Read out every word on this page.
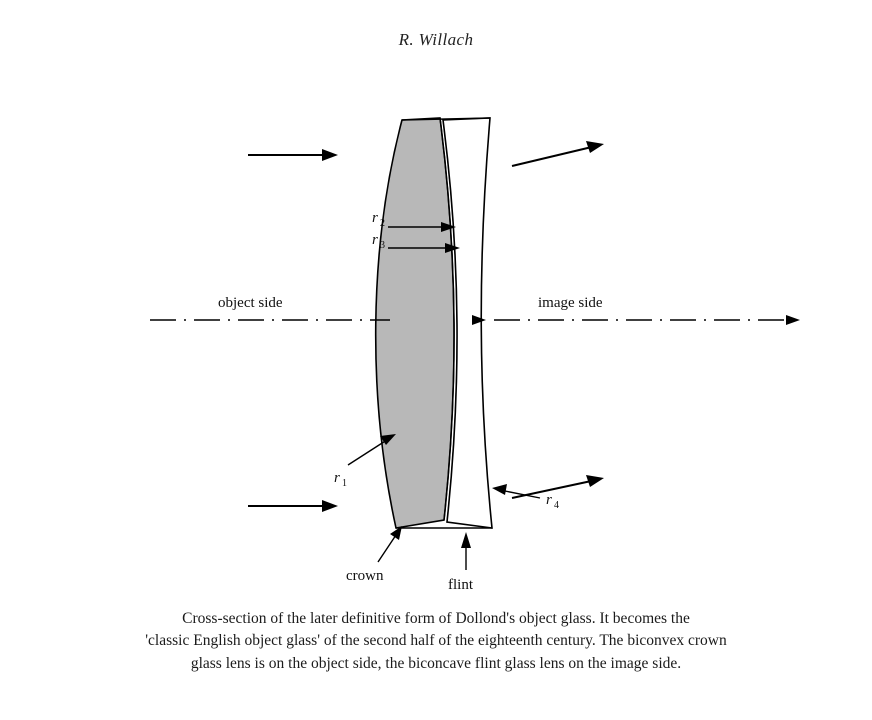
R. Willach
object side	image side
r 2
r 3
r 1
r 4
crown
flint
Cross-section of the later definitive form of Dollond's object glass. It becomes the
'classic English object glass' of the second half of the eighteenth century. The biconvex crown
glass lens is on the object side, the biconcave flint glass lens on the image side.
